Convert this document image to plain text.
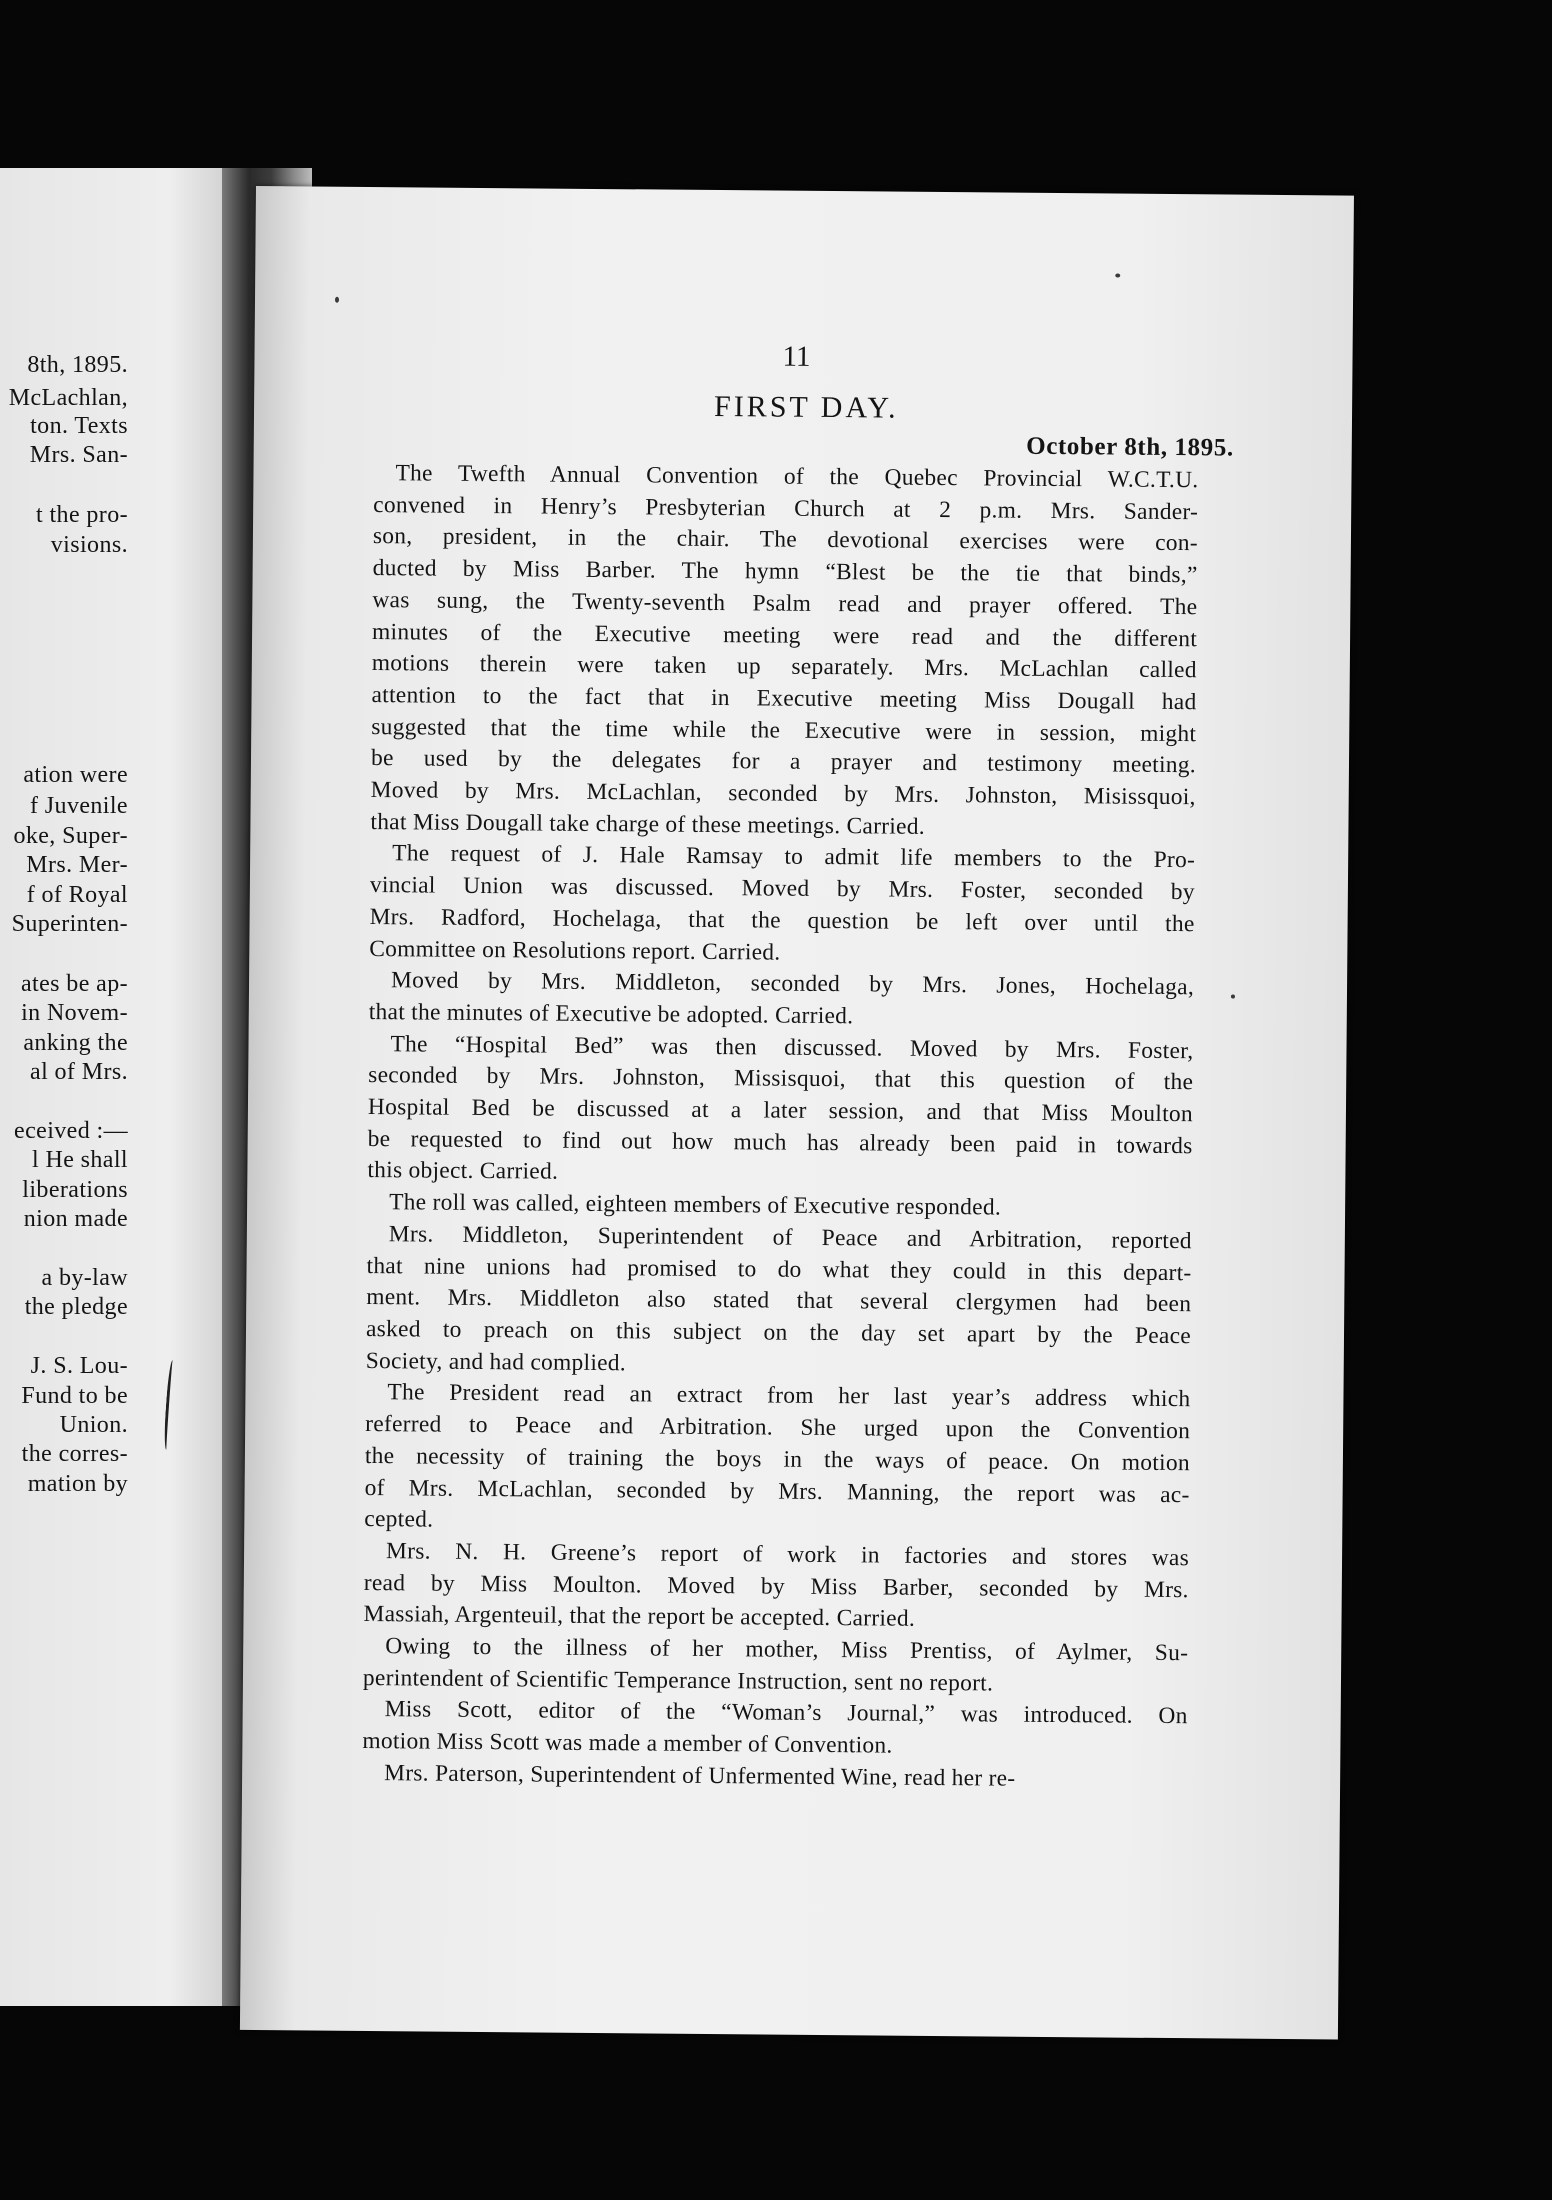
8th, 1895.
McLachlan,
ton. Texts
Mrs. San-
t the pro-
visions.
ation were
f Juvenile
oke, Super-
Mrs. Mer-
f of Royal
Superinten-
ates be ap-
in Novem-
anking the
al of Mrs.
eceived :—
l He shall
liberations
nion made
a by-law
the pledge
J. S. Lou-
Fund to be
Union.
the corres-
mation by
11
FIRST DAY.
October 8th, 1895.
The Twefth Annual Convention of the Quebec Provincial W.C.T.U.
convened in Henry’s Presbyterian Church at 2 p.m. Mrs. Sander-
son, president, in the chair. The devotional exercises were con-
ducted by Miss Barber. The hymn “Blest be the tie that binds,”
was sung, the Twenty-seventh Psalm read and prayer offered. The
minutes of the Executive meeting were read and the different
motions therein were taken up separately. Mrs. McLachlan called
attention to the fact that in Executive meeting Miss Dougall had
suggested that the time while the Executive were in session, might
be used by the delegates for a prayer and testimony meeting.
Moved by Mrs. McLachlan, seconded by Mrs. Johnston, Misissquoi,
that Miss Dougall take charge of these meetings. Carried.
The request of J. Hale Ramsay to admit life members to the Pro-
vincial Union was discussed. Moved by Mrs. Foster, seconded by
Mrs. Radford, Hochelaga, that the question be left over until the
Committee on Resolutions report. Carried.
Moved by Mrs. Middleton, seconded by Mrs. Jones, Hochelaga,
that the minutes of Executive be adopted. Carried.
The “Hospital Bed” was then discussed. Moved by Mrs. Foster,
seconded by Mrs. Johnston, Missisquoi, that this question of the
Hospital Bed be discussed at a later session, and that Miss Moulton
be requested to find out how much has already been paid in towards
this object. Carried.
The roll was called, eighteen members of Executive responded.
Mrs. Middleton, Superintendent of Peace and Arbitration, reported
that nine unions had promised to do what they could in this depart-
ment. Mrs. Middleton also stated that several clergymen had been
asked to preach on this subject on the day set apart by the Peace
Society, and had complied.
The President read an extract from her last year’s address which
referred to Peace and Arbitration. She urged upon the Convention
the necessity of training the boys in the ways of peace. On motion
of Mrs. McLachlan, seconded by Mrs. Manning, the report was ac-
cepted.
Mrs. N. H. Greene’s report of work in factories and stores was
read by Miss Moulton. Moved by Miss Barber, seconded by Mrs.
Massiah, Argenteuil, that the report be accepted. Carried.
Owing to the illness of her mother, Miss Prentiss, of Aylmer, Su-
perintendent of Scientific Temperance Instruction, sent no report.
Miss Scott, editor of the “Woman’s Journal,” was introduced. On
motion Miss Scott was made a member of Convention.
Mrs. Paterson, Superintendent of Unfermented Wine, read her re-
